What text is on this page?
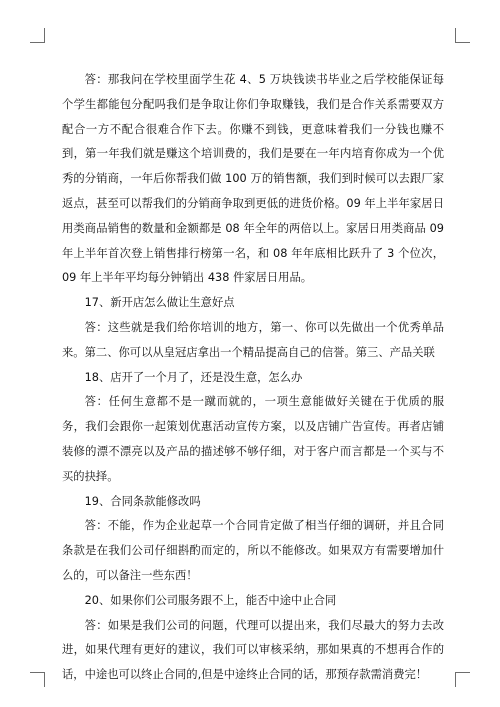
答：那我问在学校里面学生花 4、5 万块钱读书毕业之后学校能保证每个学生都能包分配吗我们是争取让你们争取赚钱，我们是合作关系需要双方配合一方不配合很难合作下去。你赚不到钱，更意味着我们一分钱也赚不到，第一年我们就是赚这个培训费的，我们是要在一年内培育你成为一个优秀的分销商，一年后你帮我们做 100 万的销售额，我们到时候可以去跟厂家返点，甚至可以帮我们的分销商争取到更低的进货价格。09 年上半年家居日用类商品销售的数量和金额都是 08 年全年的两倍以上。家居日用类商品 09 年上半年首次登上销售排行榜第一名，和 08 年年底相比跃升了 3 个位次，09 年上半年平均每分钟销出 438 件家居日用品。

17、新开店怎么做让生意好点

答：这些就是我们给你培训的地方，第一、你可以先做出一个优秀单品来。第二、你可以从皇冠店拿出一个精品提高自己的信誉。第三、产品关联

18、店开了一个月了，还是没生意，怎么办

答：任何生意都不是一蹴而就的，一项生意能做好关键在于优质的服务，我们会跟你一起策划优惠活动宣传方案，以及店铺广告宣传。再者店铺装修的漂不漂亮以及产品的描述够不够仔细，对于客户而言都是一个买与不买的抉择。

19、合同条款能修改吗

答：不能，作为企业起草一个合同肯定做了相当仔细的调研，并且合同条款是在我们公司仔细斟酌而定的，所以不能修改。如果双方有需要增加什么的，可以备注一些东西！

20、如果你们公司服务跟不上，能否中途中止合同

答：如果是我们公司的问题，代理可以提出来，我们尽最大的努力去改进，如果代理有更好的建议，我们可以审核采纳，那如果真的不想再合作的话，中途也可以终止合同的,但是中途终止合同的话，那预存款需消费完！
